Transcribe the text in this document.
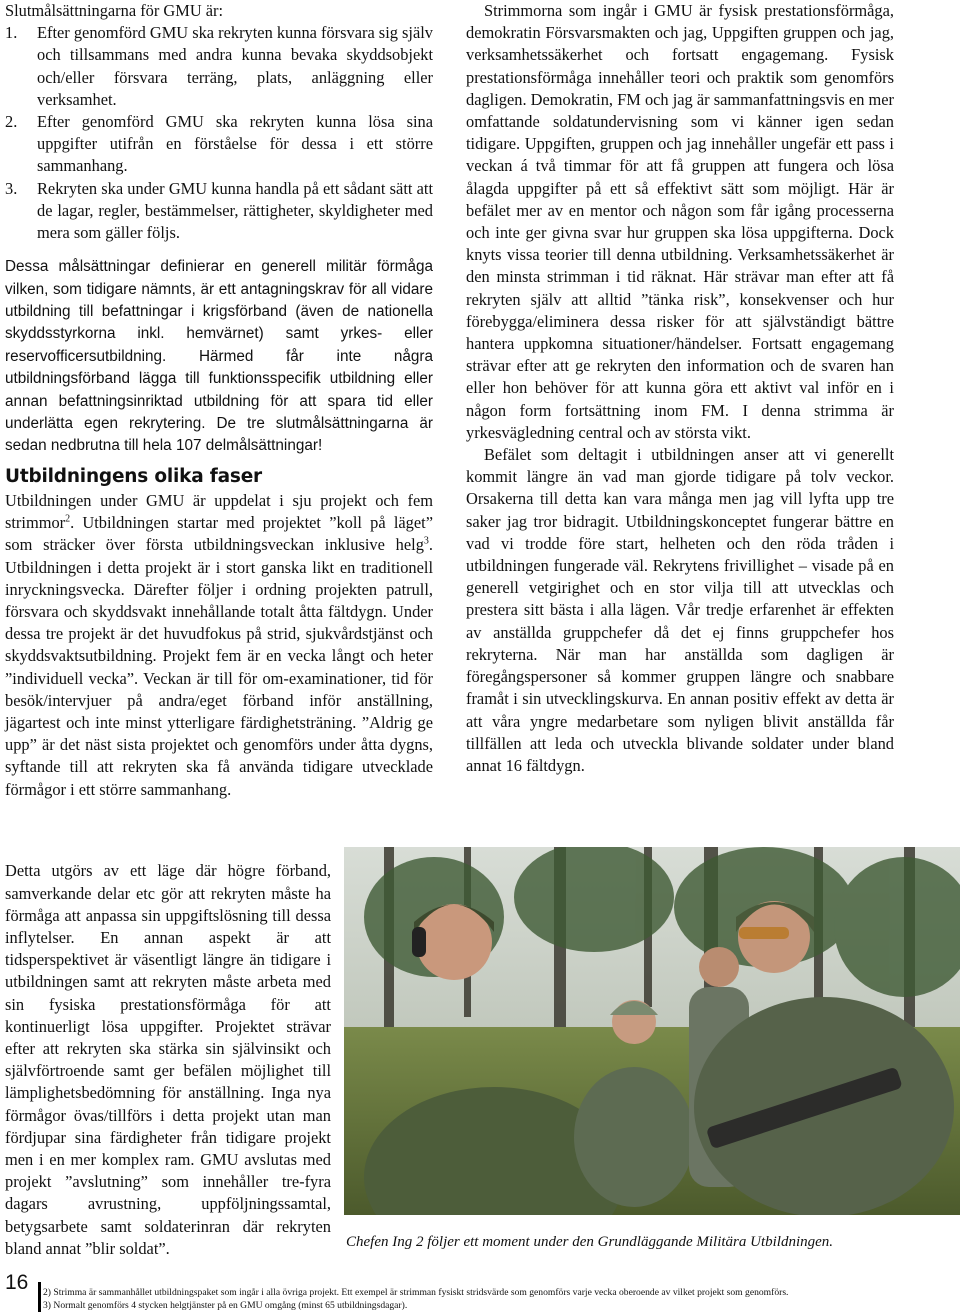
Slutmålsättningarna för GMU är:

1. Efter genomförd GMU ska rekryten kunna försvara sig själv och tillsammans med andra kunna bevaka skyddsobjekt och/eller försvara terräng, plats, anläggning eller verksamhet.
2. Efter genomförd GMU ska rekryten kunna lösa sina uppgifter utifrån en förståelse för dessa i ett större sammanhang.
3. Rekryten ska under GMU kunna handla på ett sådant sätt att de lagar, regler, bestämmelser, rättigheter, skyldigheter med mera som gäller följs.

Dessa målsättningar definierar en generell militär förmåga vilken, som tidigare nämnts, är ett antagningskrav för all vidare utbildning till befattningar i krigsförband (även de nationella skyddsstyrkorna inkl. hemvärnet) samt yrkes- eller reservofficersutbildning. Härmed får inte några utbildningsförband lägga till funktionsspecifik utbildning eller annan befattningsinriktad utbildning för att spara tid eller underlätta egen rekrytering. De tre slutmålsättningarna är sedan nedbrutna till hela 107 delmålsättningar!

Utbildningens olika faser

Utbildningen under GMU är uppdelat i sju projekt och fem strimmor$^2$. Utbildningen startar med projektet ”koll på läget” som sträcker över första utbildningsveckan inklusive helg$^3$. Utbildningen i detta projekt är i stort ganska likt en traditionell inryckningsvecka. Därefter följer i ordning projekten patrull, försvara och skyddsvakt innehållande totalt åtta fältdygn. Under dessa tre projekt är det huvudfokus på strid, sjukvårdstjänst och skyddsvaktsutbildning. Projekt fem är en vecka långt och heter ”individuell vecka”. Veckan är till för om-examinationer, tid för besök/intervjuer på andra/eget förband inför anställning, jägartest och inte minst ytterligare färdighetsträning. ”Aldrig ge upp” är det näst sista projektet och genomförs under åtta dygns, syftande till att rekryten ska få använda tidigare utvecklade förmågor i ett större sammanhang.

Detta utgörs av ett läge där högre förband, samverkande delar etc gör att rekryten måste ha förmåga att anpassa sin uppgiftslösning till dessa inflytelser. En annan aspekt är att tidsperspektivet är väsentligt längre än tidigare i utbildningen samt att rekryten måste arbeta med sin fysiska prestationsförmåga för att kontinuerligt lösa uppgifter. Projektet strävar efter att rekryten ska stärka sin självinsikt och självförtroende samt ger befälen möjlighet till lämplighetsbedömning för anställning. Inga nya förmågor övas/tillförs i detta projekt utan man fördjupar sina färdigheter från tidigare projekt men i en mer komplex ram. GMU avslutas med projekt ”avslutning” som innehåller tre-fyra dagars avrustning, uppföljningssamtal, betygsarbete samt soldaterinran där rekryten bland annat ”blir soldat”.

Strimmorna som ingår i GMU är fysisk prestationsförmåga, demokratin Försvarsmakten och jag, Uppgiften gruppen och jag, verksamhetssäkerhet och fortsatt engagemang. Fysisk prestationsförmåga innehåller teori och praktik som genomförs dagligen. Demokratin, FM och jag är sammanfattningsvis en mer omfattande soldatundervisning som vi känner igen sedan tidigare. Uppgiften, gruppen och jag innehåller ungefär ett pass i veckan á två timmar för att få gruppen att fungera och lösa ålagda uppgifter på ett så effektivt sätt som möjligt. Här är befälet mer av en mentor och någon som får igång processerna och inte ger givna svar hur gruppen ska lösa uppgifterna. Dock knyts vissa teorier till denna utbildning. Verksamhetssäkerhet är den minsta strimman i tid räknat. Här strävar man efter att få rekryten själv att alltid ”tänka risk”, konsekvenser och hur förebygga/eliminera dessa risker för att självständigt bättre hantera uppkomna situationer/händelser. Fortsatt engagemang strävar efter att ge rekryten den information och de svaren han eller hon behöver för att kunna göra ett aktivt val inför en i någon form fortsättning inom FM. I denna strimma är yrkesvägledning central och av största vikt.

Befälet som deltagit i utbildningen anser att vi generellt kommit längre än vad man gjorde tidigare på tolv veckor. Orsakerna till detta kan vara många men jag vill lyfta upp tre saker jag tror bidragit. Utbildningskonceptet fungerar bättre en vad vi trodde före start, helheten och den röda tråden i utbildningen fungerade väl. Rekrytens frivillighet – visade på en generell vetgirighet och en stor vilja till att utvecklas och prestera sitt bästa i alla lägen. Vår tredje erfarenhet är effekten av anställda gruppchefer då det ej finns gruppchefer hos rekryterna. När man har anställda som dagligen är föregångspersoner så kommer gruppen längre och snabbare framåt i sin utvecklingskurva. En annan positiv effekt av detta är att våra yngre medarbetare som nyligen blivit anställda får tillfällen att leda och utveckla blivande soldater under bland annat 16 fältdygn.

Chefen Ing 2 följer ett moment under den Grundläggande Militära Utbildningen.

16 2) Strimma är sammanhållet utbildningspaket som ingår i alla övriga projekt. Ett exempel är strimman fysiskt stridsvärde som genomförs varje vecka oberoende av vilket projekt som genomförs.

3) Normalt genomförs 4 stycken helgtjänster på en GMU omgång (minst 65 utbildningsdagar).
